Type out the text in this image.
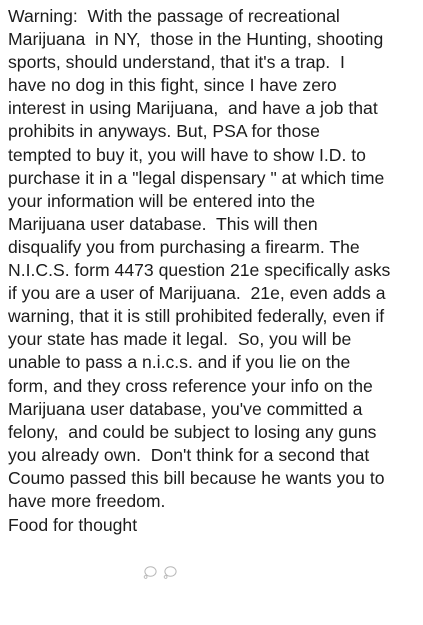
Warning:  With the passage of recreational
Marijuana  in NY,  those in the Hunting, shooting
sports, should understand, that it's a trap.  I
have no dog in this fight, since I have zero
interest in using Marijuana,  and have a job that
prohibits in anyways. But, PSA for those
tempted to buy it, you will have to show I.D. to
purchase it in a "legal dispensary " at which time
your information will be entered into the
Marijuana user database.  This will then
disqualify you from purchasing a firearm. The
N.I.C.S. form 4473 question 21e specifically asks
if you are a user of Marijuana.  21e, even adds a
warning, that it is still prohibited federally, even if
your state has made it legal.  So, you will be
unable to pass a n.i.c.s. and if you lie on the
form, and they cross reference your info on the
Marijuana user database, you've committed a
felony,  and could be subject to losing any guns
you already own.  Don't think for a second that
Coumo passed this bill because he wants you to
have more freedom.
Food for thought
